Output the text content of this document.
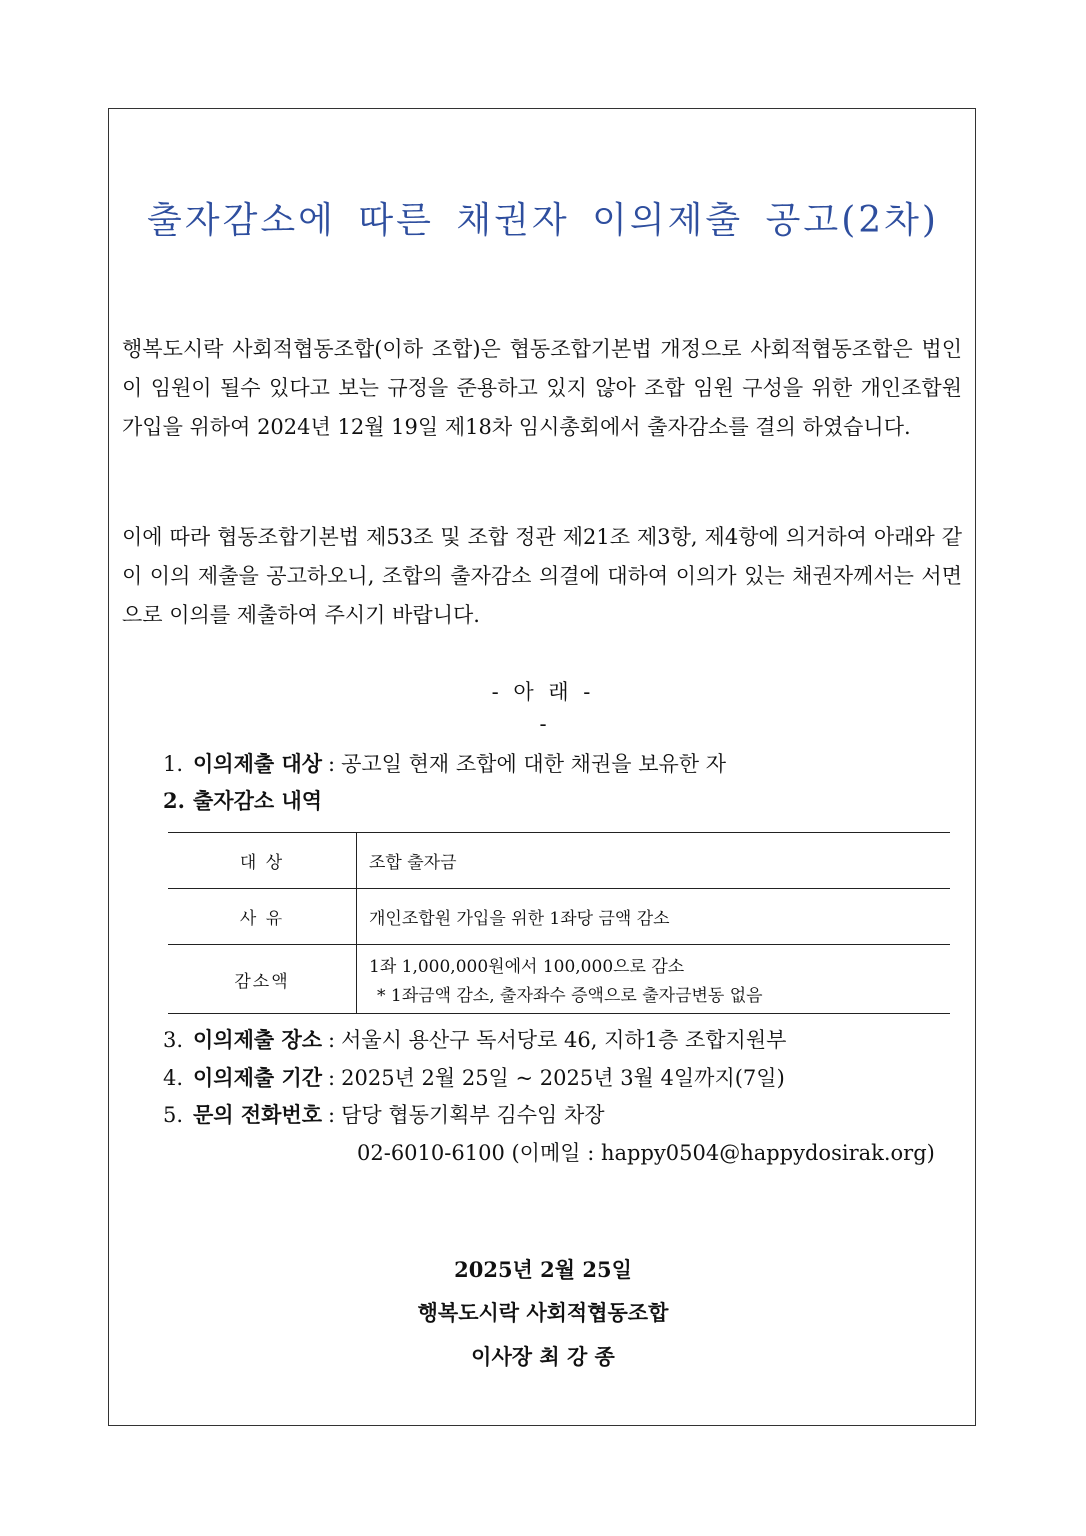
출자감소에 따른 채권자 이의제출 공고(2차)

행복도시락 사회적협동조합(이하 조합)은 협동조합기본법 개정으로 사회적협동조합은 법인이 임원이 될수 있다고 보는 규정을 준용하고 있지 않아 조합 임원 구성을 위한 개인조합원 가입을 위하여 2024년 12월 19일 제18차 임시총회에서 출자감소를 결의 하였습니다.

이에 따라 협동조합기본법 제53조 및 조합 정관 제21조 제3항, 제4항에 의거하여 아래와 같이 이의 제출을 공고하오니, 조합의 출자감소 의결에 대하여 이의가 있는 채권자께서는 서면으로 이의를 제출하여 주시기 바랍니다.

- 아 래 -
-
1. 이의제출 대상 : 공고일 현재 조합에 대한 채권을 보유한 자
2. 출자감소 내역
대 상	조합 출자금
사 유	개인조합원 가입을 위한 1좌당 금액 감소
감소액	1좌 1,000,000원에서 100,000으로 감소
* 1좌금액 감소, 출자좌수 증액으로 출자금변동 없음
3. 이의제출 장소 : 서울시 용산구 독서당로 46, 지하1층 조합지원부
4. 이의제출 기간 : 2025년 2월 25일 ~ 2025년 3월 4일까지(7일)
5. 문의 전화번호 : 담당 협동기획부 김수임 차장
02-6010-6100 (이메일 : happy0504@happydosirak.org)
2025년 2월 25일
행복도시락 사회적협동조합
이사장 최 강 종
